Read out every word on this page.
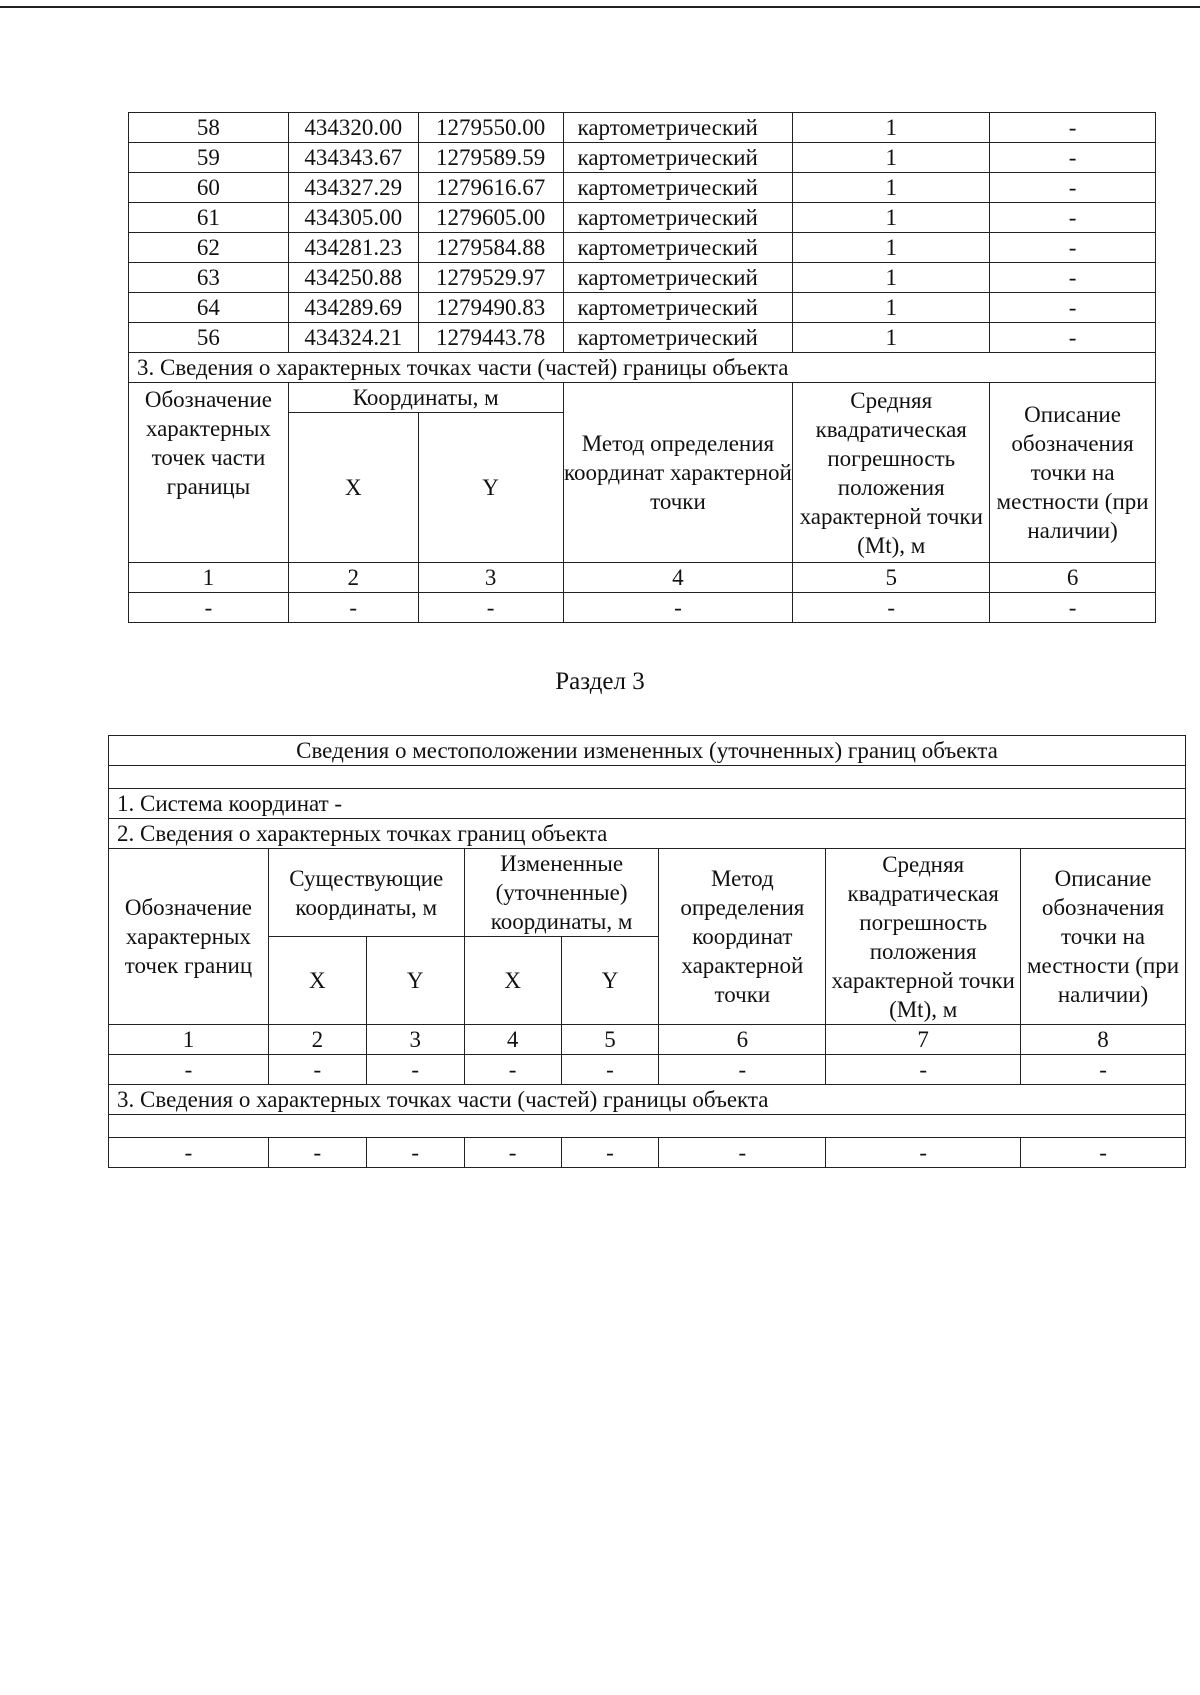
58	434320.00	1279550.00	картометрический	1	-
59	434343.67	1279589.59	картометрический	1	-
60	434327.29	1279616.67	картометрический	1	-
61	434305.00	1279605.00	картометрический	1	-
62	434281.23	1279584.88	картометрический	1	-
63	434250.88	1279529.97	картометрический	1	-
64	434289.69	1279490.83	картометрический	1	-
56	434324.21	1279443.78	картометрический	1	-
3. Сведения о характерных точках части (частей) границы объекта					
Обозначение характерных точек части границы	Координаты, м		Метод определения координат характерной точки	Средняя квадратическая погрешность положения характерной точки (Mt), м	Описание обозначения точки на местности (при наличии)
	X	Y			
1	2	3	4	5	6
-	-	-	-	-	-
Раздел 3
Сведения о местоположении измененных (уточненных) границ объекта							

1. Система координат -							
2. Сведения о характерных точках границ объекта							
Обозначение характерных точек границ	Существующие координаты, м		Измененные (уточненные) координаты, м		Метод определения координат характерной точки	Средняя квадратическая погрешность положения характерной точки (Mt), м	Описание обозначения точки на местности (при наличии)
	X	Y	X	Y			
1	2	3	4	5	6	7	8
-	-	-	-	-	-	-	-
3. Сведения о характерных точках части (частей) границы объекта							

-	-	-	-	-	-	-	-
